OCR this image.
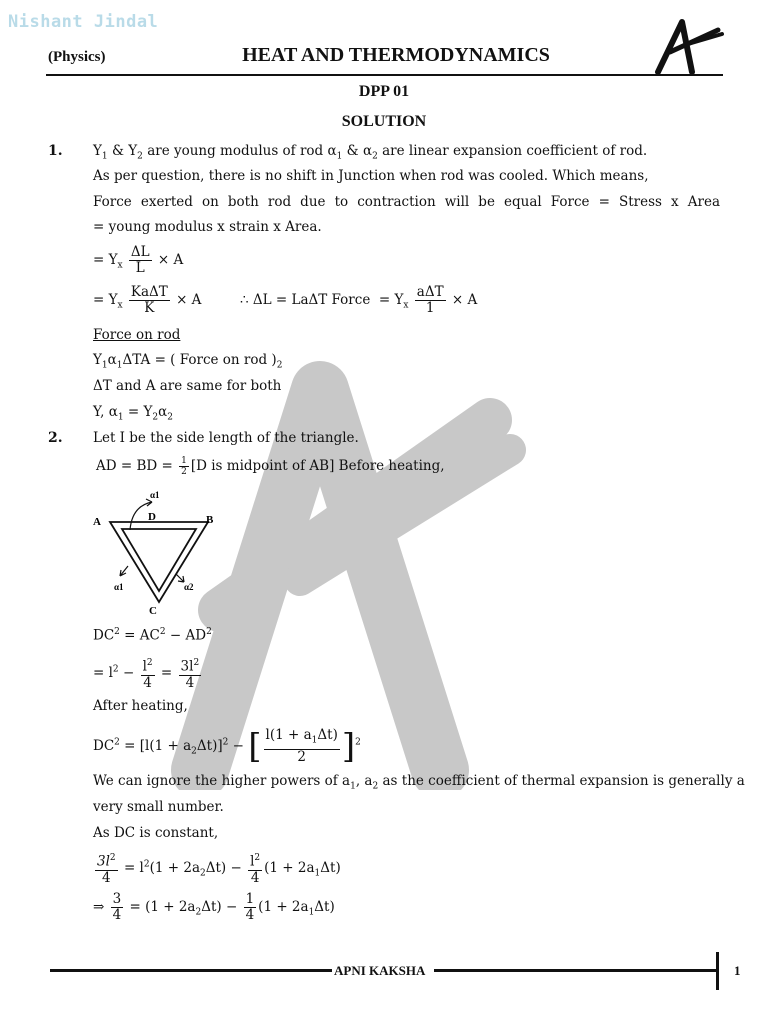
Nishant Jindal
(Physics)	HEAT AND THERMODYNAMICS
DPP 01
SOLUTION
1. $Y_1$ & $Y_2$ are young modulus of rod $\alpha_1$ & $\alpha_2$ are linear expansion coefficient of rod.
As per question, there is no shift in Junction when rod was cooled. Which means,
Force exerted on both rod due to contraction will be equal Force = Stress x Area
= young modulus x strain x Area.
= $Y_x \frac{\Delta L}{L} \times A$
= $Y_x \frac{\text{KaΔT}}{K} \times A$	∴ ΔL = LaΔT Force  = $Y_x \frac{\text{aΔT}}{1} \times A$
Force on rod
$Y_1\alpha_1\Delta TA$ = ( Force on rod )$_2$
ΔT and A are same for both
Y, $\alpha_1 = Y_2\alpha_2$
2. Let I be the side length of the triangle.
AD = BD = $\frac{1}{2} [D$ is midpoint of AB] Before heating,
A	B
C
D
α1
α1	α2
$DC^2 = AC^2 - AD^2$
= $l^2 - \frac{l^2}{4} = \frac{3l^2}{4}$
After heating,
$DC^2 = [l(1 + a_2\Delta t)]^2$ − [ $\frac{l(1 + a_1\Delta t)}{2} ]^2$
We can ignore the higher powers of $a_1$, $a_2$ as the coefficient of thermal expansion is generally a
very small number.
As DC is constant,
$\frac{3l^2}{4} = l^2(1 + 2a_2\Delta t) - \frac{l^2}{4} (1 + 2a_1\Delta t)$
⇒ $\frac{3}{4} = (1 + 2a_2\Delta t) - \frac{1}{4} (1 + 2a_1\Delta t)$
APNI KAKSHA	1
